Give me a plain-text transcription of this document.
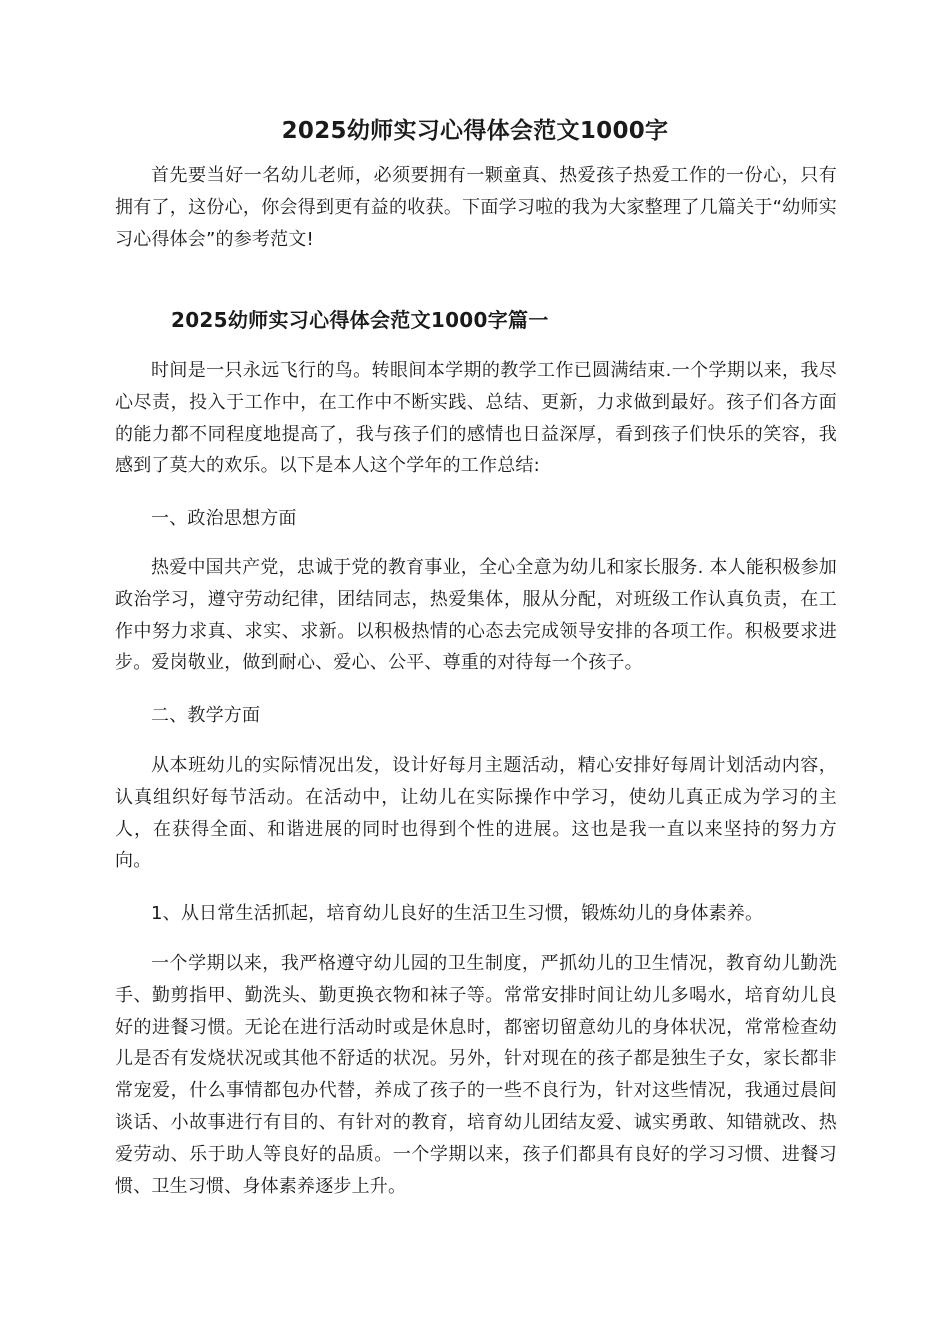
2025幼师实习心得体会范文1000字

首先要当好一名幼儿老师，必须要拥有一颗童真、热爱孩子热爱工作的一份心，只有拥有了，这份心，你会得到更有益的收获。下面学习啦的我为大家整理了几篇关于“幼师实习心得体会”的参考范文!

2025幼师实习心得体会范文1000字篇一

时间是一只永远飞行的鸟。转眼间本学期的教学工作已圆满结束.一个学期以来，我尽心尽责，投入于工作中，在工作中不断实践、总结、更新，力求做到最好。孩子们各方面的能力都不同程度地提高了，我与孩子们的感情也日益深厚，看到孩子们快乐的笑容，我感到了莫大的欢乐。以下是本人这个学年的工作总结:

一、政治思想方面

热爱中国共产党，忠诚于党的教育事业，全心全意为幼儿和家长服务. 本人能积极参加政治学习，遵守劳动纪律，团结同志，热爱集体，服从分配，对班级工作认真负责，在工作中努力求真、求实、求新。以积极热情的心态去完成领导安排的各项工作。积极要求进步。爱岗敬业，做到耐心、爱心、公平、尊重的对待每一个孩子。

二、教学方面

从本班幼儿的实际情况出发，设计好每月主题活动，精心安排好每周计划活动内容，认真组织好每节活动。在活动中，让幼儿在实际操作中学习，使幼儿真正成为学习的主人，在获得全面、和谐进展的同时也得到个性的进展。这也是我一直以来坚持的努力方向。

1、从日常生活抓起，培育幼儿良好的生活卫生习惯，锻炼幼儿的身体素养。

一个学期以来，我严格遵守幼儿园的卫生制度，严抓幼儿的卫生情况，教育幼儿勤洗手、勤剪指甲、勤洗头、勤更换衣物和袜子等。常常安排时间让幼儿多喝水，培育幼儿良好的进餐习惯。无论在进行活动时或是休息时，都密切留意幼儿的身体状况，常常检查幼儿是否有发烧状况或其他不舒适的状况。另外，针对现在的孩子都是独生子女，家长都非常宠爱，什么事情都包办代替，养成了孩子的一些不良行为，针对这些情况，我通过晨间谈话、小故事进行有目的、有针对的教育，培育幼儿团结友爱、诚实勇敢、知错就改、热爱劳动、乐于助人等良好的品质。一个学期以来，孩子们都具有良好的学习习惯、进餐习惯、卫生习惯、身体素养逐步上升。
